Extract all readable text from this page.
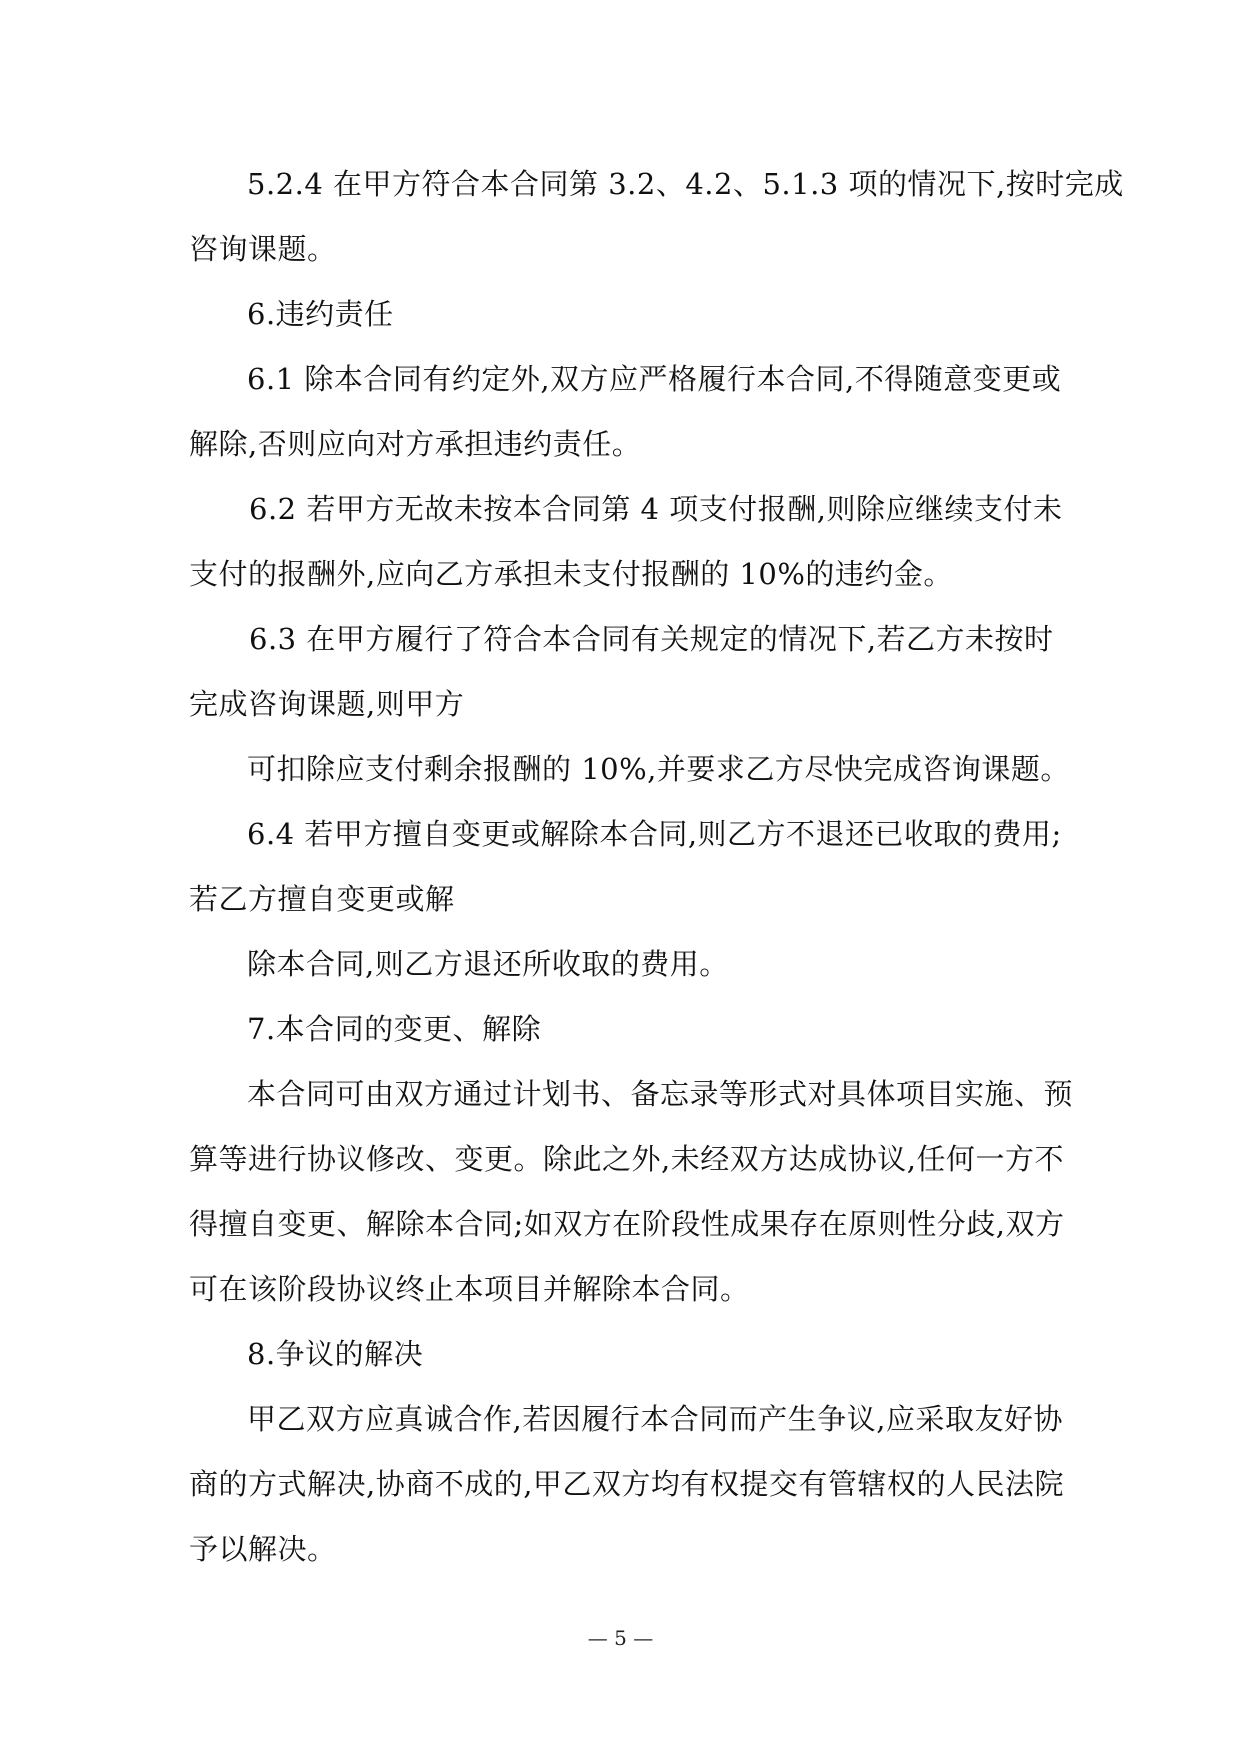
5.2.4 在甲方符合本合同第 3.2、4.2、5.1.3 项的情况下,按时完成
咨询课题。
6.违约责任
6.1 除本合同有约定外,双方应严格履行本合同,不得随意变更或
解除,否则应向对方承担违约责任。
6.2 若甲方无故未按本合同第 4 项支付报酬,则除应继续支付未
支付的报酬外,应向乙方承担未支付报酬的 10%的违约金。
6.3 在甲方履行了符合本合同有关规定的情况下,若乙方未按时
完成咨询课题,则甲方
可扣除应支付剩余报酬的 10%,并要求乙方尽快完成咨询课题。
6.4 若甲方擅自变更或解除本合同,则乙方不退还已收取的费用;
若乙方擅自变更或解
除本合同,则乙方退还所收取的费用。
7.本合同的变更、解除
本合同可由双方通过计划书、备忘录等形式对具体项目实施、预
算等进行协议修改、变更。除此之外,未经双方达成协议,任何一方不
得擅自变更、解除本合同;如双方在阶段性成果存在原则性分歧,双方
可在该阶段协议终止本项目并解除本合同。
8.争议的解决
甲乙双方应真诚合作,若因履行本合同而产生争议,应采取友好协
商的方式解决,协商不成的,甲乙双方均有权提交有管辖权的人民法院
予以解决。
— 5 —
